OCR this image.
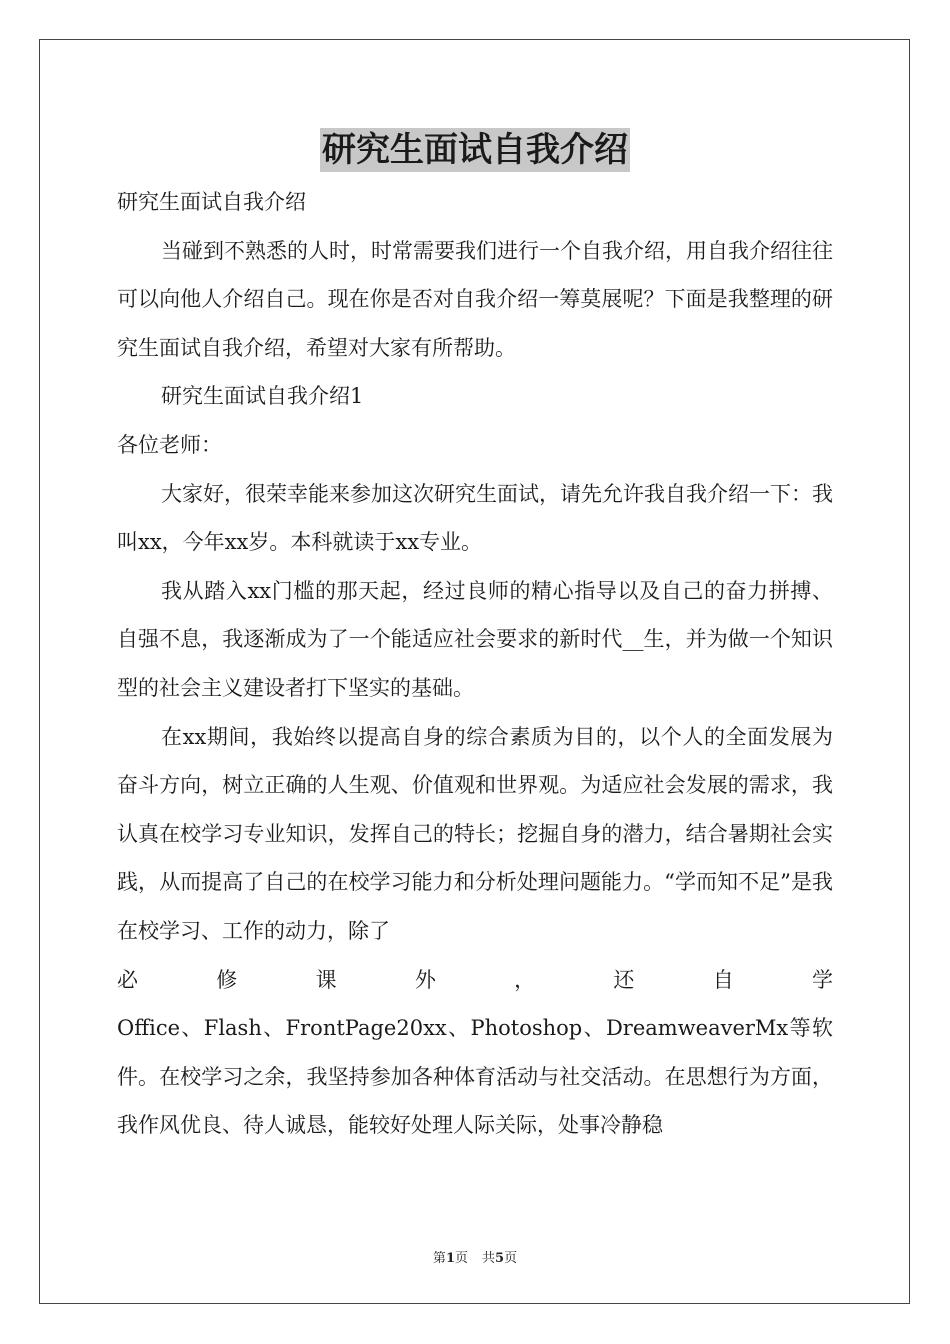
研究生面试自我介绍

研究生面试自我介绍

当碰到不熟悉的人时，时常需要我们进行一个自我介绍，用自我介绍往往可以向他人介绍自己。现在你是否对自我介绍一筹莫展呢？下面是我整理的研究生面试自我介绍，希望对大家有所帮助。

研究生面试自我介绍1

各位老师：

大家好，很荣幸能来参加这次研究生面试，请先允许我自我介绍一下：我叫xx，今年xx岁。本科就读于xx专业。

我从踏入xx门槛的那天起，经过良师的精心指导以及自己的奋力拼搏、自强不息，我逐渐成为了一个能适应社会要求的新时代__生，并为做一个知识型的社会主义建设者打下坚实的基础。

在xx期间，我始终以提高自身的综合素质为目的，以个人的全面发展为奋斗方向，树立正确的人生观、价值观和世界观。为适应社会发展的需求，我认真在校学习专业知识，发挥自己的特长；挖掘自身的潜力，结合暑期社会实践，从而提高了自己的在校学习能力和分析处理问题能力。“学而知不足”是我在校学习、工作的动力，除了

必修课外，还自学

Office、Flash、FrontPage20xx、Photoshop、DreamweaverMx等软件。在校学习之余，我坚持参加各种体育活动与社交活动。在思想行为方面，我作风优良、待人诚恳，能较好处理人际关际，处事冷静稳

第1页 共5页
